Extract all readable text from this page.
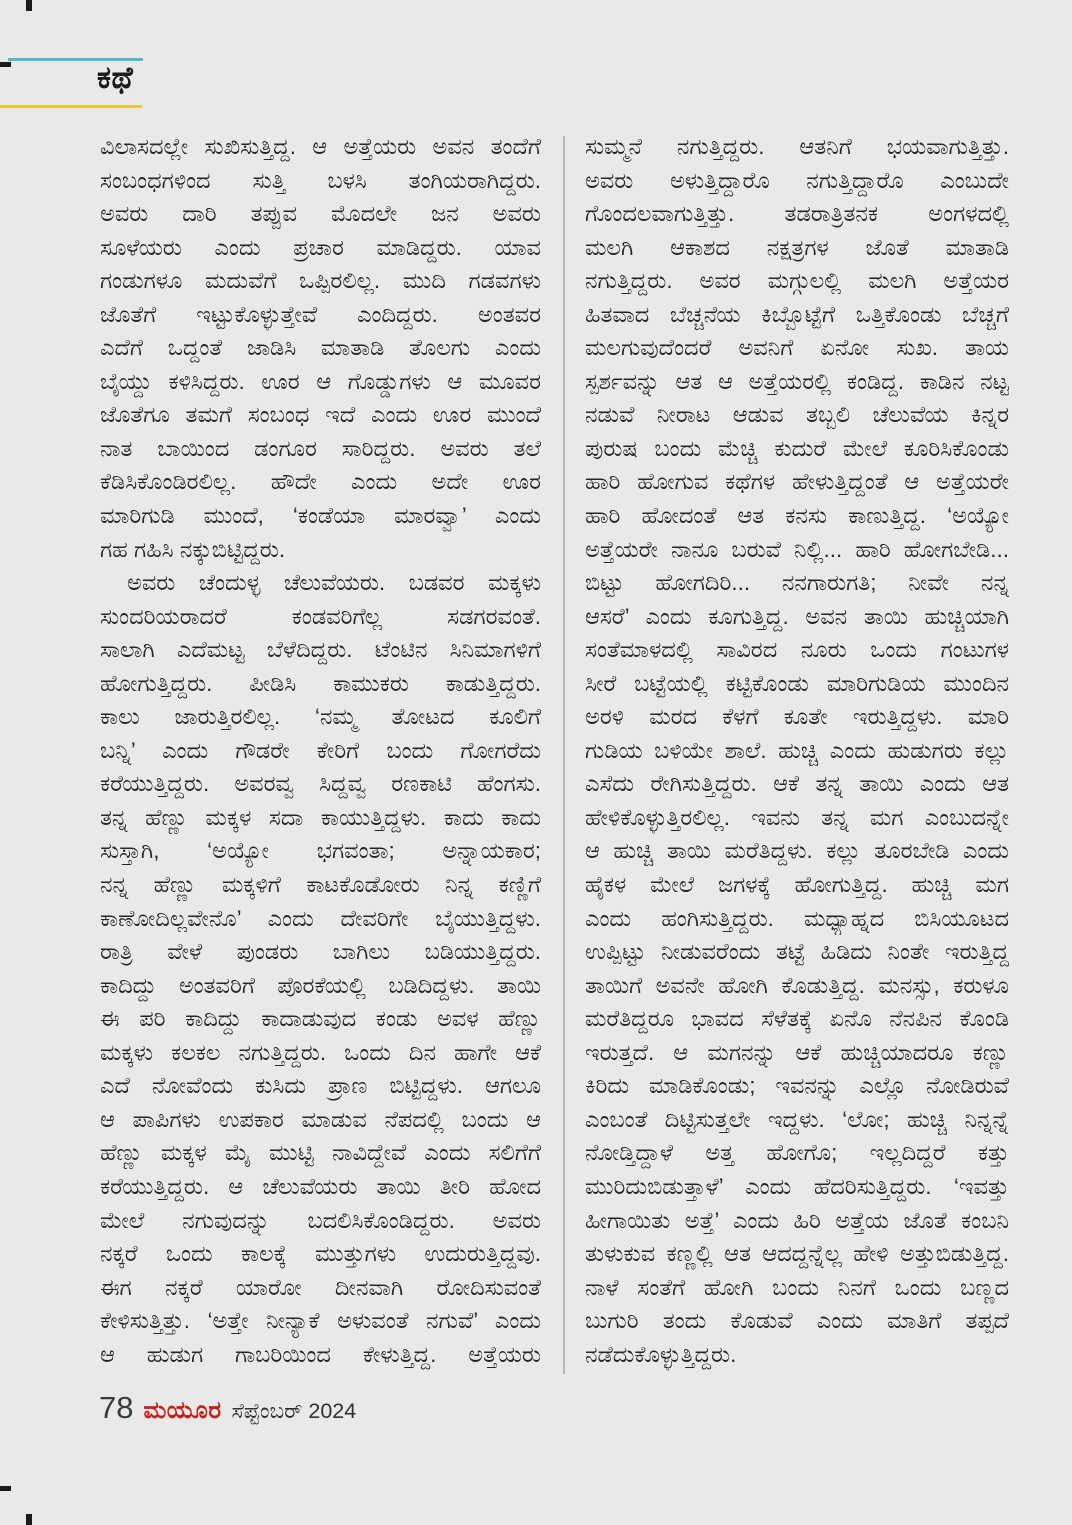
ಕಥೆ
ವಿಲಾಸದಲ್ಲೇ ಸುಖಿಸುತ್ತಿದ್ದ. ಆ ಅತ್ತೆಯರು ಅವನ ತಂದೆಗೆ
ಸಂಬಂಧಗಳಿಂದ ಸುತ್ತಿ ಬಳಸಿ ತಂಗಿಯರಾಗಿದ್ದರು.
ಅವರು ದಾರಿ ತಪ್ಪುವ ಮೊದಲೇ ಜನ ಅವರು
ಸೂಳೆಯರು ಎಂದು ಪ್ರಚಾರ ಮಾಡಿದ್ದರು. ಯಾವ
ಗಂಡುಗಳೂ ಮದುವೆಗೆ ಒಪ್ಪಿರಲಿಲ್ಲ. ಮುದಿ ಗಡವಗಳು
ಜೊತೆಗೆ ಇಟ್ಟುಕೊಳ್ಳುತ್ತೇವೆ ಎಂದಿದ್ದರು. ಅಂತವರ
ಎದೆಗೆ ಒದ್ದಂತೆ ಜಾಡಿಸಿ ಮಾತಾಡಿ ತೊಲಗು ಎಂದು
ಬೈಯ್ದು ಕಳಿಸಿದ್ದರು. ಊರ ಆ ಗೊಡ್ಡುಗಳು ಆ ಮೂವರ
ಜೊತೆಗೂ ತಮಗೆ ಸಂಬಂಧ ಇದೆ ಎಂದು ಊರ ಮುಂದೆ
ನಾತ ಬಾಯಿಂದ ಡಂಗೂರ ಸಾರಿದ್ದರು. ಅವರು ತಲೆ
ಕೆಡಿಸಿಕೊಂಡಿರಲಿಲ್ಲ. ಹೌದೇ ಎಂದು ಅದೇ ಊರ
ಮಾರಿಗುಡಿ ಮುಂದೆ, ‘ಕಂಡೆಯಾ ಮಾರವ್ವಾ’ ಎಂದು
ಗಹ ಗಹಿಸಿ ನಕ್ಕುಬಿಟ್ಟಿದ್ದರು.
ಅವರು ಚೆಂದುಳ್ಳ ಚೆಲುವೆಯರು. ಬಡವರ ಮಕ್ಕಳು
ಸುಂದರಿಯರಾದರೆ ಕಂಡವರಿಗೆಲ್ಲ ಸಡಗರವಂತೆ.
ಸಾಲಾಗಿ ಎದೆಮಟ್ಟ ಬೆಳೆದಿದ್ದರು. ಟೆಂಟಿನ ಸಿನಿಮಾಗಳಿಗೆ
ಹೋಗುತ್ತಿದ್ದರು. ಪೀಡಿಸಿ ಕಾಮುಕರು ಕಾಡುತ್ತಿದ್ದರು.
ಕಾಲು ಜಾರುತ್ತಿರಲಿಲ್ಲ. ‘ನಮ್ಮ ತೋಟದ ಕೂಲಿಗೆ
ಬನ್ನಿ’ ಎಂದು ಗೌಡರೇ ಕೇರಿಗೆ ಬಂದು ಗೋಗರೆದು
ಕರೆಯುತ್ತಿದ್ದರು. ಅವರವ್ವ ಸಿದ್ದವ್ವ ರಣಕಾಟಿ ಹೆಂಗಸು.
ತನ್ನ ಹೆಣ್ಣು ಮಕ್ಕಳ ಸದಾ ಕಾಯುತ್ತಿದ್ದಳು. ಕಾದು ಕಾದು
ಸುಸ್ತಾಗಿ, ‘ಅಯ್ಯೋ ಭಗವಂತಾ; ಅನ್ನಾಯಕಾರ;
ನನ್ನ ಹೆಣ್ಣು ಮಕ್ಕಳಿಗೆ ಕಾಟಕೊಡೋರು ನಿನ್ನ ಕಣ್ಣಿಗೆ
ಕಾಣೋದಿಲ್ಲವೇನೊ’ ಎಂದು ದೇವರಿಗೇ ಬೈಯುತ್ತಿದ್ದಳು.
ರಾತ್ರಿ ವೇಳೆ ಪುಂಡರು ಬಾಗಿಲು ಬಡಿಯುತ್ತಿದ್ದರು.
ಕಾದಿದ್ದು ಅಂತವರಿಗೆ ಪೊರಕೆಯಲ್ಲಿ ಬಡಿದಿದ್ದಳು. ತಾಯಿ
ಈ ಪರಿ ಕಾದಿದ್ದು ಕಾದಾಡುವುದ ಕಂಡು ಅವಳ ಹೆಣ್ಣು
ಮಕ್ಕಳು ಕಲಕಲ ನಗುತ್ತಿದ್ದರು. ಒಂದು ದಿನ ಹಾಗೇ ಆಕೆ
ಎದೆ ನೋವೆಂದು ಕುಸಿದು ಪ್ರಾಣ ಬಿಟ್ಟಿದ್ದಳು. ಆಗಲೂ
ಆ ಪಾಪಿಗಳು ಉಪಕಾರ ಮಾಡುವ ನೆಪದಲ್ಲಿ ಬಂದು ಆ
ಹೆಣ್ಣು ಮಕ್ಕಳ ಮೈ ಮುಟ್ಟಿ ನಾವಿದ್ದೇವೆ ಎಂದು ಸಲಿಗೆಗೆ
ಕರೆಯುತ್ತಿದ್ದರು. ಆ ಚೆಲುವೆಯರು ತಾಯಿ ತೀರಿ ಹೋದ
ಮೇಲೆ ನಗುವುದನ್ನು ಬದಲಿಸಿಕೊಂಡಿದ್ದರು. ಅವರು
ನಕ್ಕರೆ ಒಂದು ಕಾಲಕ್ಕೆ ಮುತ್ತುಗಳು ಉದುರುತ್ತಿದ್ದವು.
ಈಗ ನಕ್ಕರೆ ಯಾರೋ ದೀನವಾಗಿ ರೋದಿಸುವಂತೆ
ಕೇಳಿಸುತ್ತಿತ್ತು. ‘ಅತ್ತೇ ನೀನ್ಯಾಕೆ ಅಳುವಂತೆ ನಗುವೆ’ ಎಂದು
ಆ ಹುಡುಗ ಗಾಬರಿಯಿಂದ ಕೇಳುತ್ತಿದ್ದ. ಅತ್ತೆಯರು
ಸುಮ್ಮನೆ ನಗುತ್ತಿದ್ದರು. ಆತನಿಗೆ ಭಯವಾಗುತ್ತಿತ್ತು.
ಅವರು ಅಳುತ್ತಿದ್ದಾರೊ ನಗುತ್ತಿದ್ದಾರೊ ಎಂಬುದೇ
ಗೊಂದಲವಾಗುತ್ತಿತ್ತು. ತಡರಾತ್ರಿತನಕ ಅಂಗಳದಲ್ಲಿ
ಮಲಗಿ ಆಕಾಶದ ನಕ್ಷತ್ರಗಳ ಜೊತೆ ಮಾತಾಡಿ
ನಗುತ್ತಿದ್ದರು. ಅವರ ಮಗ್ಗುಲಲ್ಲಿ ಮಲಗಿ ಅತ್ತೆಯರ
ಹಿತವಾದ ಬೆಚ್ಚನೆಯ ಕಿಬ್ಬೊಟ್ಟೆಗೆ ಒತ್ತಿಕೊಂಡು ಬೆಚ್ಚಗೆ
ಮಲಗುವುದೆಂದರೆ ಅವನಿಗೆ ಏನೋ ಸುಖ. ತಾಯ
ಸ್ಪರ್ಶವನ್ನು ಆತ ಆ ಅತ್ತೆಯರಲ್ಲಿ ಕಂಡಿದ್ದ. ಕಾಡಿನ ನಟ್ಟ
ನಡುವೆ ನೀರಾಟ ಆಡುವ ತಬ್ಬಲಿ ಚೆಲುವೆಯ ಕಿನ್ನರ
ಪುರುಷ ಬಂದು ಮೆಚ್ಚಿ ಕುದುರೆ ಮೇಲೆ ಕೂರಿಸಿಕೊಂಡು
ಹಾರಿ ಹೋಗುವ ಕಥೆಗಳ ಹೇಳುತ್ತಿದ್ದಂತೆ ಆ ಅತ್ತೆಯರೇ
ಹಾರಿ ಹೋದಂತೆ ಆತ ಕನಸು ಕಾಣುತ್ತಿದ್ದ. ‘ಅಯ್ಯೋ
ಅತ್ತೆಯರೇ ನಾನೂ ಬರುವೆ ನಿಲ್ಲಿ... ಹಾರಿ ಹೋಗಬೇಡಿ...
ಬಿಟ್ಟು ಹೋಗದಿರಿ... ನನಗಾರುಗತಿ; ನೀವೇ ನನ್ನ
ಆಸರೆ’ ಎಂದು ಕೂಗುತ್ತಿದ್ದ. ಅವನ ತಾಯಿ ಹುಚ್ಚಿಯಾಗಿ
ಸಂತೆಮಾಳದಲ್ಲಿ ಸಾವಿರದ ನೂರು ಒಂದು ಗಂಟುಗಳ
ಸೀರೆ ಬಟ್ಟೆಯಲ್ಲಿ ಕಟ್ಟಿಕೊಂಡು ಮಾರಿಗುಡಿಯ ಮುಂದಿನ
ಅರಳಿ ಮರದ ಕೆಳಗೆ ಕೂತೇ ಇರುತ್ತಿದ್ದಳು. ಮಾರಿ
ಗುಡಿಯ ಬಳಿಯೇ ಶಾಲೆ. ಹುಚ್ಚಿ ಎಂದು ಹುಡುಗರು ಕಲ್ಲು
ಎಸೆದು ರೇಗಿಸುತ್ತಿದ್ದರು. ಆಕೆ ತನ್ನ ತಾಯಿ ಎಂದು ಆತ
ಹೇಳಿಕೊಳ್ಳುತ್ತಿರಲಿಲ್ಲ. ಇವನು ತನ್ನ ಮಗ ಎಂಬುದನ್ನೇ
ಆ ಹುಚ್ಚಿ ತಾಯಿ ಮರೆತಿದ್ದಳು. ಕಲ್ಲು ತೂರಬೇಡಿ ಎಂದು
ಹೈಕಳ ಮೇಲೆ ಜಗಳಕ್ಕೆ ಹೋಗುತ್ತಿದ್ದ. ಹುಚ್ಚಿ ಮಗ
ಎಂದು ಹಂಗಿಸುತ್ತಿದ್ದರು. ಮಧ್ಯಾಹ್ನದ ಬಿಸಿಯೂಟದ
ಉಪ್ಪಿಟ್ಟು ನೀಡುವರೆಂದು ತಟ್ಟೆ ಹಿಡಿದು ನಿಂತೇ ಇರುತ್ತಿದ್ದ
ತಾಯಿಗೆ ಅವನೇ ಹೋಗಿ ಕೊಡುತ್ತಿದ್ದ. ಮನಸ್ಸು, ಕರುಳೂ
ಮರೆತಿದ್ದರೂ ಭಾವದ ಸೆಳೆತಕ್ಕೆ ಏನೊ ನೆನಪಿನ ಕೊಂಡಿ
ಇರುತ್ತದೆ. ಆ ಮಗನನ್ನು ಆಕೆ ಹುಚ್ಚಿಯಾದರೂ ಕಣ್ಣು
ಕಿರಿದು ಮಾಡಿಕೊಂಡು; ಇವನನ್ನು ಎಲ್ಲೊ ನೋಡಿರುವೆ
ಎಂಬಂತೆ ದಿಟ್ಟಿಸುತ್ತಲೇ ಇದ್ದಳು. ‘ಲೋ; ಹುಚ್ಚಿ ನಿನ್ನನ್ನೆ
ನೋಡ್ತಿದ್ದಾಳೆ ಅತ್ತ ಹೋಗೊ; ಇಲ್ಲದಿದ್ದರೆ ಕತ್ತು
ಮುರಿದುಬಿಡುತ್ತಾಳೆ’ ಎಂದು ಹೆದರಿಸುತ್ತಿದ್ದರು. ‘ಇವತ್ತು
ಹೀಗಾಯಿತು ಅತ್ತೆ’ ಎಂದು ಹಿರಿ ಅತ್ತೆಯ ಜೊತೆ ಕಂಬನಿ
ತುಳುಕುವ ಕಣ್ಣಲ್ಲಿ ಆತ ಆದದ್ದನ್ನೆಲ್ಲ ಹೇಳಿ ಅತ್ತುಬಿಡುತ್ತಿದ್ದ.
ನಾಳೆ ಸಂತೆಗೆ ಹೋಗಿ ಬಂದು ನಿನಗೆ ಒಂದು ಬಣ್ಣದ
ಬುಗುರಿ ತಂದು ಕೊಡುವೆ ಎಂದು ಮಾತಿಗೆ ತಪ್ಪದೆ
ನಡೆದುಕೊಳ್ಳುತ್ತಿದ್ದರು.
78 ಮಯೂರ ಸೆಪ್ಟೆಂಬರ್ 2024
